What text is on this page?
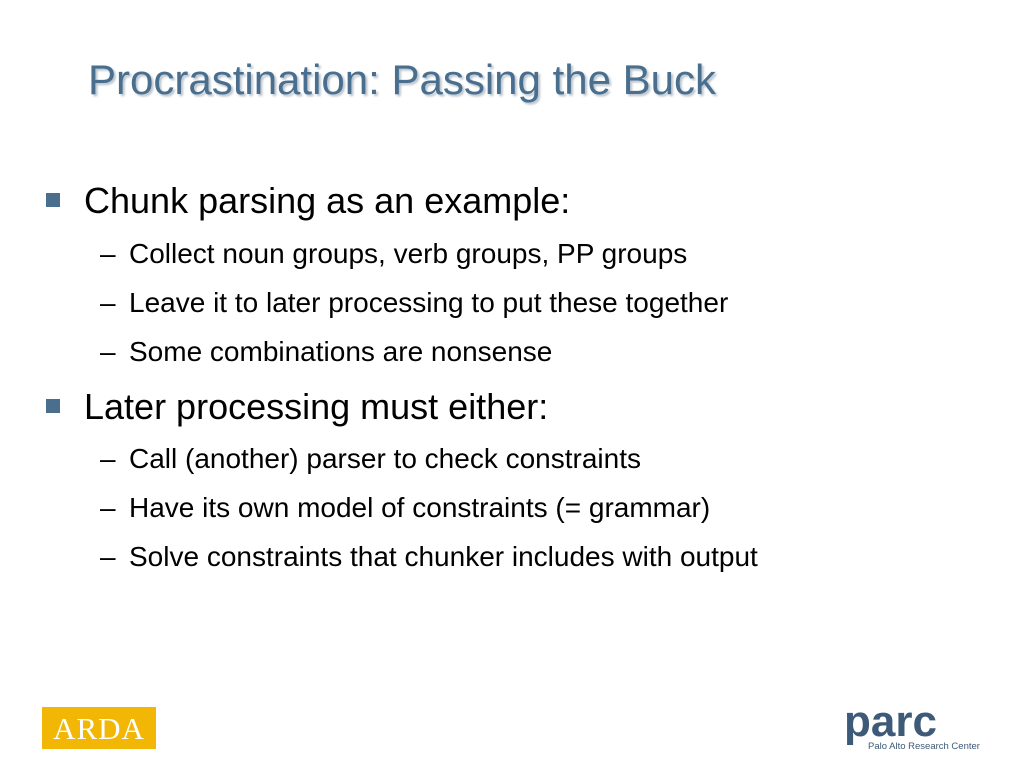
Procrastination: Passing the Buck
Chunk parsing as an example:
– Collect noun groups, verb groups, PP groups
– Leave it to later processing to put these together
– Some combinations are nonsense
Later processing must either:
– Call (another) parser to check constraints
– Have its own model of constraints (= grammar)
– Solve constraints that chunker includes with output
ARDA	parc
Palo Alto Research Center
